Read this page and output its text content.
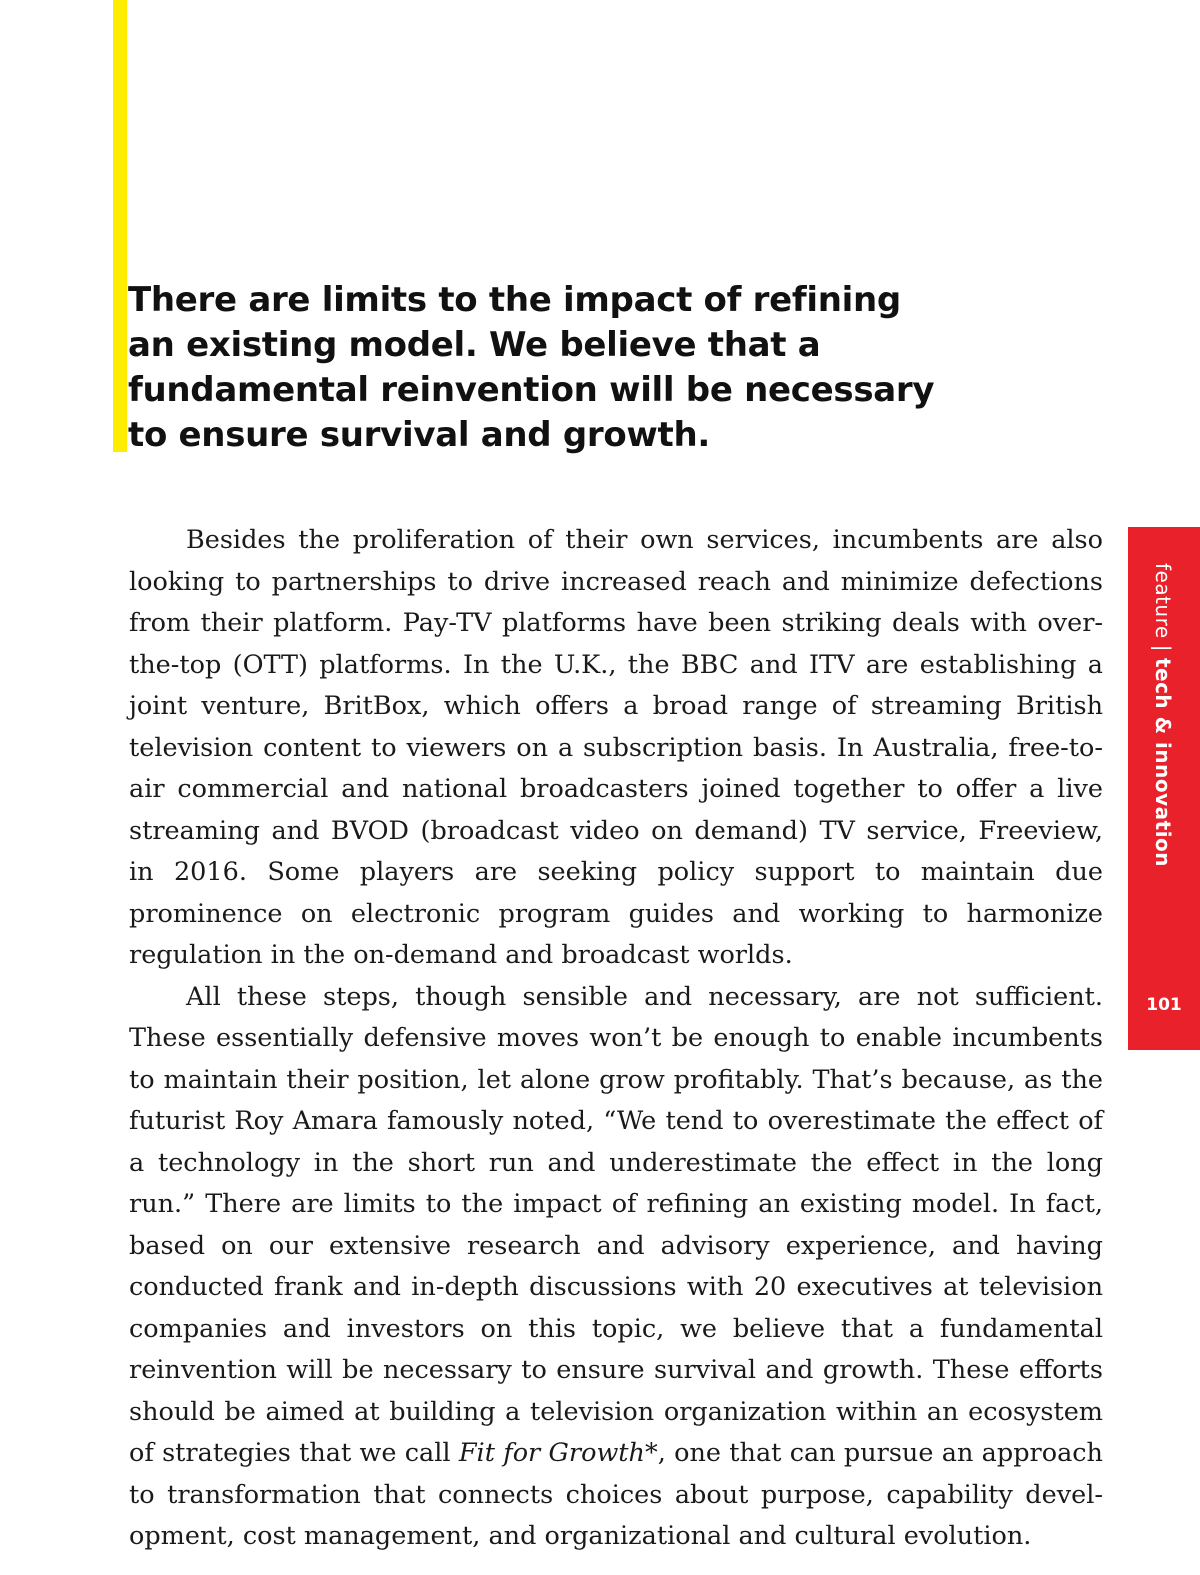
There are limits to the impact of refining
an existing model. We believe that a
fundamental reinvention will be necessary
to ensure survival and growth.

Besides the proliferation of their own services, incumbents are also looking to partnerships to drive increased reach and minimize defections from their platform. Pay-TV platforms have been striking deals with over-the-top (OTT) platforms. In the U.K., the BBC and ITV are establishing a joint venture, BritBox, which offers a broad range of streaming British television content to viewers on a subscription basis. In Australia, free-to-air commercial and national broadcasters joined together to offer a live streaming and BVOD (broadcast video on demand) TV service, Freeview, in 2016. Some players are seeking policy support to maintain due prominence on electronic program guides and working to harmonize regulation in the on-demand and broadcast worlds.

All these steps, though sensible and necessary, are not sufficient. These essentially defensive moves won’t be enough to enable incumbents to maintain their position, let alone grow profitably. That’s because, as the futurist Roy Amara famously noted, “We tend to overestimate the effect of a technology in the short run and underestimate the effect in the long run.” There are limits to the impact of refining an existing model. In fact, based on our extensive research and advisory experience, and having conducted frank and in-depth discussions with 20 executives at television companies and investors on this topic, we believe that a fundamental reinvention will be necessary to ensure survival and growth. These efforts should be aimed at building a television organization within an ecosystem of strategies that we call Fit for Growth*, one that can pursue an approach to transformation that connects choices about purpose, capability development, cost management, and organizational and cultural evolution.

feature|tech & innovation
101
